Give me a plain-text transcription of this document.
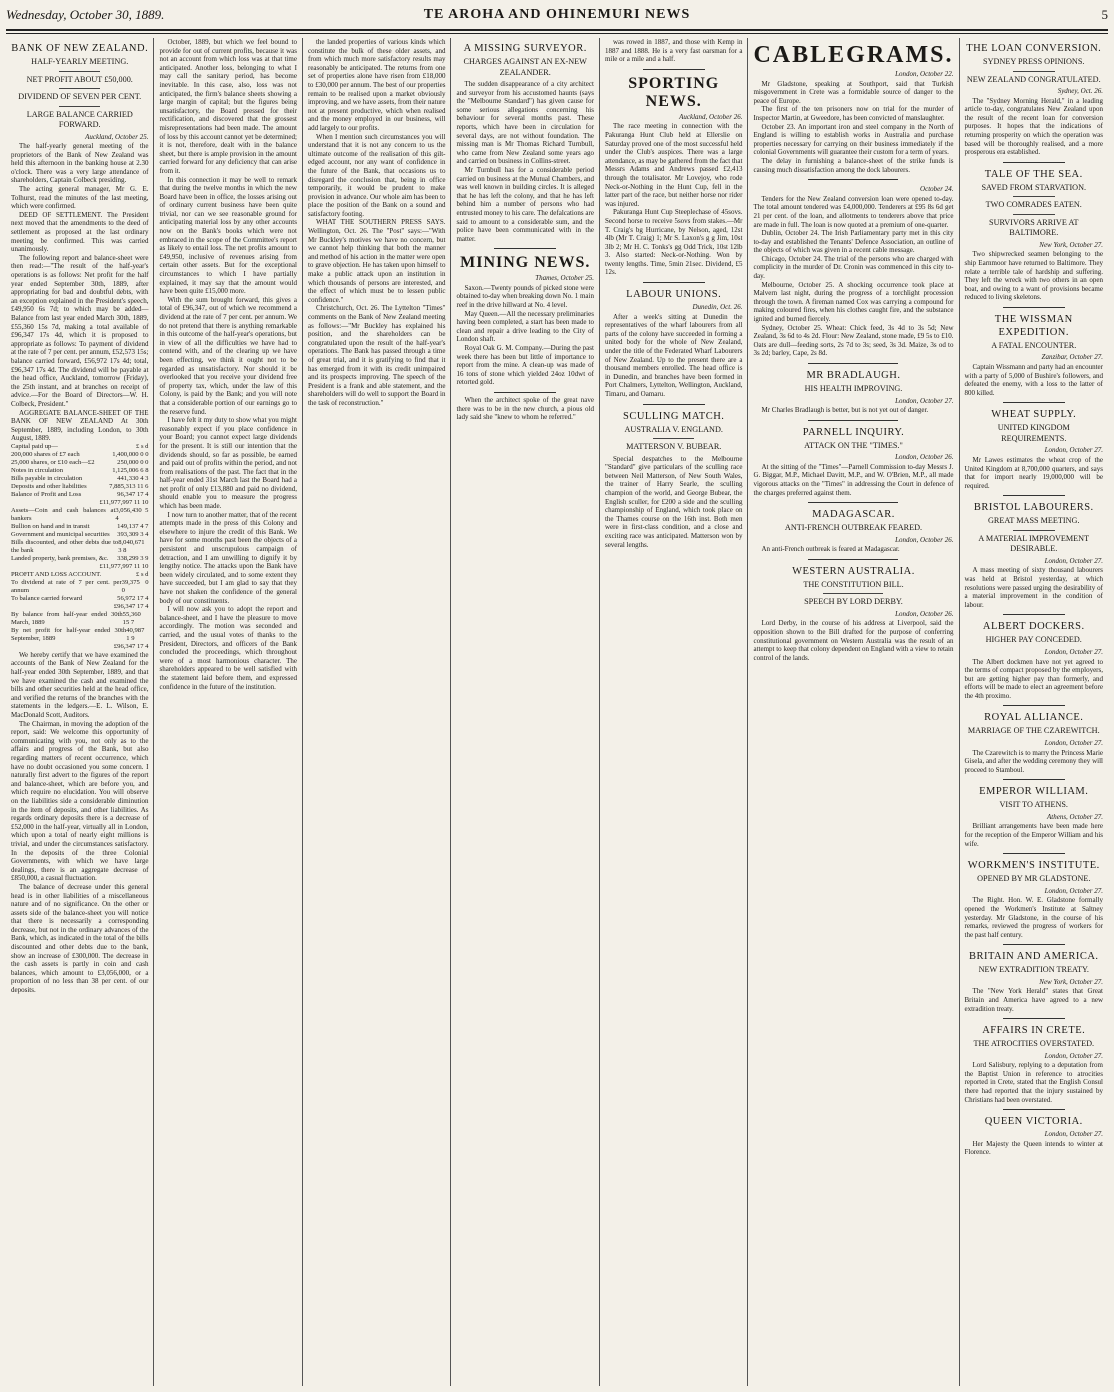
Wednesday, October 30, 1889.	TE AROHA AND OHINEMURI NEWS	5
BANK OF NEW ZEALAND.
HALF-YEARLY MEETING.
NET PROFIT ABOUT £50,000.
DIVIDEND OF SEVEN PER CENT.
LARGE BALANCE CARRIED FORWARD.
Auckland, October 25.

The half-yearly general meeting of the proprietors of the Bank of New Zealand was held this afternoon in the banking house at 2.30 o'clock. There was a very large attendance of shareholders, Captain Colbeck presiding.

The acting general manager, Mr G. E. Tolhurst, read the minutes of the last meeting, which were confirmed.

DEED OF SETTLEMENT. The President next moved that the amendments to the deed of settlement as proposed at the last ordinary meeting be confirmed. This was carried unanimously.

The following report and balance-sheet were then read:—"The result of the half-year's operations is as follows: Net profit for the half year ended September 30th, 1889, after appropriating for bad and doubtful debts, with an exception explained in the President's speech, £49,950 6s 7d; to which may be added—Balance from last year ended March 30th, 1889, £55,360 15s 7d, making a total available of £96,347 17s 4d, which it is proposed to appropriate as follows: To payment of dividend at the rate of 7 per cent. per annum, £52,573 15s; balance carried forward, £56,972 17s 4d; total, £96,347 17s 4d. The dividend will be payable at the head office, Auckland, tomorrow (Friday), the 25th instant, and at branches on receipt of advice.—For the Board of Directors—W. H. Colbeck, President."

AGGREGATE BALANCE-SHEET OF THE BANK OF NEW ZEALAND At 30th September, 1889, including London, to 30th August, 1889.

Capital paid up—	£ s d
200,000 shares of £7 each	1,400,000 0 0
25,000 shares, or £10 each—£2	250,000 0 0
Notes in circulation	1,125,006 6 8
Bills payable in circulation	441,330 4 3
Deposits and other liabilities	7,885,313 11 6
Balance of Profit and Loss	96,347 17 4
£11,977,997 11 10
Assets—Coin and cash balances at bankers
3,056,430 5 4
Bullion on hand and in transit	149,137 4 7
Government and municipal securities 393,309 3 4
Bills discounted, and other debts due to the bank
8,040,671 3 8
Landed property, bank premises, &c. 338,299 3 9
£11,977,997 11 10
PROFIT AND LOSS ACCOUNT.	£ s d
To dividend at rate of 7 per cent. per annum
39,375 0 0
To balance carried forward	56,972 17 4
£96,347 17 4
By balance from half-year ended 30th March, 1889
55,360 15 7
By net profit for half-year ended 30th September, 1889
40,987 1 9
£96,347 17 4

We hereby certify that we have examined the accounts of the Bank of New Zealand for the half-year ended 30th September, 1889, and that we have examined the cash and examined the bills and other securities held at the head office, and verified the returns of the branches with the statements in the ledgers.—E. L. Wilson, E. MacDonald Scott, Auditors.

The Chairman, in moving the adoption of the report, said: We welcome this opportunity of communicating with you, not only as to the affairs and progress of the Bank, but also regarding matters of recent occurrence, which have no doubt occasioned you some concern. I naturally first advert to the figures of the report and balance-sheet, which are before you, and which require no elucidation. You will observe on the liabilities side a considerable diminution in the item of deposits, and other liabilities. As regards ordinary deposits there is a decrease of £52,000 in the half-year, virtually all in London, which upon a total of nearly eight millions is trivial, and under the circumstances satisfactory. In the deposits of the three Colonial Governments, with which we have large dealings, there is an aggregate decrease of £850,000, a casual fluctuation.

The balance of decrease under this general head is in other liabilities of a miscellaneous nature and of no significance. On the other or assets side of the balance-sheet you will notice that there is necessarily a corresponding decrease, but not in the ordinary advances of the Bank, which, as indicated in the total of the bills discounted and other debts due to the bank, show an increase of £300,000. The decrease in the cash assets is partly in coin and cash balances, which amount to £3,056,000, or a proportion of no less than 38 per cent. of our deposits.

October, 1889, but which we feel bound to provide for out of current profits, because it was not an account from which loss was at that time anticipated. Another loss, belonging to what I may call the sanitary period, has become inevitable. In this case, also, loss was not anticipated, the firm's balance sheets showing a large margin of capital; but the figures being unsatisfactory, the Board pressed for their rectification, and discovered that the grossest misrepresentations had been made. The amount of loss by this account cannot yet be determined; it is not, therefore, dealt with in the balance sheet, but there is ample provision in the amount carried forward for any deficiency that can arise from it.

In this connection it may be well to remark that during the twelve months in which the new Board have been in office, the losses arising out of ordinary current business have been quite trivial, nor can we see reasonable ground for anticipating material loss by any other accounts now on the Bank's books which were not embraced in the scope of the Committee's report as likely to entail loss. The net profits amount to £49,950, inclusive of revenues arising from certain other assets. But for the exceptional circumstances to which I have partially explained, it may say that the amount would have been quite £15,000 more.

With the sum brought forward, this gives a total of £96,347, out of which we recommend a dividend at the rate of 7 per cent. per annum. We do not pretend that there is anything remarkable in this outcome of the half-year's operations, but in view of all the difficulties we have had to contend with, and of the clearing up we have been effecting, we think it ought not to be regarded as unsatisfactory. Nor should it be overlooked that you receive your dividend free of property tax, which, under the law of this Colony, is paid by the Bank; and you will note that a considerable portion of our earnings go to the reserve fund.

I have felt it my duty to show what you might reasonably expect if you place confidence in your Board; you cannot expect large dividends for the present. It is still our intention that the dividends should, so far as possible, be earned and paid out of profits within the period, and not from realisations of the past. The fact that in the half-year ended 31st March last the Board had a net profit of only £13,880 and paid no dividend, should enable you to measure the progress which has been made.

I now turn to another matter, that of the recent attempts made in the press of this Colony and elsewhere to injure the credit of this Bank. We have for some months past been the objects of a persistent and unscrupulous campaign of detraction, and I am unwilling to dignify it by lengthy notice. The attacks upon the Bank have been widely circulated, and to some extent they have succeeded, but I am glad to say that they have not shaken the confidence of the general body of our constituents.

I will now ask you to adopt the report and balance-sheet, and I have the pleasure to move accordingly. The motion was seconded and carried, and the usual votes of thanks to the President, Directors, and officers of the Bank concluded the proceedings, which throughout were of a most harmonious character. The shareholders appeared to be well satisfied with the statement laid before them, and expressed confidence in the future of the institution.

the landed properties of various kinds which constitute the bulk of these older assets, and from which much more satisfactory results may reasonably be anticipated. The returns from one set of properties alone have risen from £18,000 to £30,000 per annum. The best of our properties remain to be realised upon a market obviously improving, and we have assets, from their nature not at present productive, which when realised and the money employed in our business, will add largely to our profits.

When I mention such circumstances you will understand that it is not any concern to us the ultimate outcome of the realisation of this gilt-edged account, nor any want of confidence in the future of the Bank, that occasions us to disregard the conclusion that, being in office temporarily, it would be prudent to make provision in advance. Our whole aim has been to place the position of the Bank on a sound and satisfactory footing.

WHAT THE SOUTHERN PRESS SAYS. Wellington, Oct. 26. The "Post" says:—"With Mr Buckley's motives we have no concern, but we cannot help thinking that both the manner and method of his action in the matter were open to grave objection. He has taken upon himself to make a public attack upon an institution in which thousands of persons are interested, and the effect of which must be to lessen public confidence."

Christchurch, Oct. 26. The Lyttelton "Times" comments on the Bank of New Zealand meeting as follows:—"Mr Buckley has explained his position, and the shareholders can be congratulated upon the result of the half-year's operations. The Bank has passed through a time of great trial, and it is gratifying to find that it has emerged from it with its credit unimpaired and its prospects improving. The speech of the President is a frank and able statement, and the shareholders will do well to support the Board in the task of reconstruction."

A MISSING SURVEYOR.
CHARGES AGAINST AN EX-NEW ZEALANDER.

The sudden disappearance of a city architect and surveyor from his accustomed haunts (says the "Melbourne Standard") has given cause for some serious allegations concerning his behaviour for several months past. These reports, which have been in circulation for several days, are not without foundation. The missing man is Mr Thomas Richard Turnbull, who came from New Zealand some years ago and carried on business in Collins-street.

Mr Turnbull has for a considerable period carried on business at the Mutual Chambers, and was well known in building circles. It is alleged that he has left the colony, and that he has left behind him a number of persons who had entrusted money to his care. The defalcations are said to amount to a considerable sum, and the police have been communicated with in the matter.

MINING NEWS.
Thames, October 25.

Saxon.—Twenty pounds of picked stone were obtained to-day when breaking down No. 1 main reef in the drive hillward at No. 4 level.

May Queen.—All the necessary preliminaries having been completed, a start has been made to clean and repair a drive leading to the City of London shaft.

Royal Oak G. M. Company.—During the past week there has been but little of importance to report from the mine. A clean-up was made of 16 tons of stone which yielded 24oz 10dwt of retorted gold.

When the architect spoke of the great nave there was to be in the new church, a pious old lady said she "knew to whom he referred."

was rowed in 1887, and those with Kemp in 1887 and 1888. He is a very fast oarsman for a mile or a mile and a half.

SPORTING NEWS.
Auckland, October 26.

The race meeting in connection with the Pakuranga Hunt Club held at Ellerslie on Saturday proved one of the most successful held under the Club's auspices. There was a large attendance, as may be gathered from the fact that Messrs Adams and Andrews passed £2,413 through the totalisator. Mr Lovejoy, who rode Neck-or-Nothing in the Hunt Cup, fell in the latter part of the race, but neither horse nor rider was injured.

Pakuranga Hunt Cup Steeplechase of 45sovs. Second horse to receive 5sovs from stakes.—Mr T. Craig's bg Hurricane, by Nelson, aged, 12st 4lb (Mr T. Craig) 1; Mr S. Laxon's g g Jim, 10st 3lb 2; Mr H. C. Tonks's gg Odd Trick, 10st 12lb 3. Also started: Neck-or-Nothing. Won by twenty lengths. Time, 5min 21sec. Dividend, £5 12s.

LABOUR UNIONS.
Dunedin, Oct. 26.

After a week's sitting at Dunedin the representatives of the wharf labourers from all parts of the colony have succeeded in forming a united body for the whole of New Zealand, under the title of the Federated Wharf Labourers of New Zealand. Up to the present there are a thousand members enrolled. The head office is in Dunedin, and branches have been formed in Port Chalmers, Lyttelton, Wellington, Auckland, Timaru, and Oamaru.

SCULLING MATCH.
AUSTRALIA V. ENGLAND.
MATTERSON V. BUBEAR.

Special despatches to the Melbourne "Standard" give particulars of the sculling race between Neil Matterson, of New South Wales, the trainer of Harry Searle, the sculling champion of the world, and George Bubear, the English sculler, for £200 a side and the sculling championship of England, which took place on the Thames course on the 16th inst. Both men were in first-class condition, and a close and exciting race was anticipated. Matterson won by several lengths.

CABLEGRAMS.
London, October 22.

Mr Gladstone, speaking at Southport, said that Turkish misgovernment in Crete was a formidable source of danger to the peace of Europe.

The first of the ten prisoners now on trial for the murder of Inspector Martin, at Gweedore, has been convicted of manslaughter.

October 23. An important iron and steel company in the North of England is willing to establish works in Australia and purchase properties necessary for carrying on their business immediately if the colonial Governments will guarantee their custom for a term of years.

The delay in furnishing a balance-sheet of the strike funds is causing much dissatisfaction among the dock labourers.

October 24.

Tenders for the New Zealand conversion loan were opened to-day. The total amount tendered was £4,000,000. Tenderers at £95 8s 6d get 21 per cent. of the loan, and allotments to tenderers above that price are made in full. The loan is now quoted at a premium of one-quarter.

Dublin, October 24. The Irish Parliamentary party met in this city to-day and established the Tenants' Defence Association, an outline of the objects of which was given in a recent cable message.

Chicago, October 24. The trial of the persons who are charged with complicity in the murder of Dr. Cronin was commenced in this city to-day.

Melbourne, October 25. A shocking occurrence took place at Malvern last night, during the progress of a torchlight procession through the town. A fireman named Cox was carrying a compound for making coloured fires, when his clothes caught fire, and the substance ignited and burned fiercely.

Sydney, October 25. Wheat: Chick feed, 3s 4d to 3s 5d; New Zealand, 3s 6d to 4s 2d. Flour: New Zealand, stone made, £9 5s to £10. Oats are dull—feeding sorts, 2s 7d to 3s; seed, 3s 3d. Maize, 3s od to 3s 2d; barley, Cape, 2s 8d.

MR BRADLAUGH.
HIS HEALTH IMPROVING.
London, October 27.

Mr Charles Bradlaugh is better, but is not yet out of danger.

PARNELL INQUIRY.
ATTACK ON THE "TIMES."
London, October 26.

At the sitting of the "Times"—Parnell Commission to-day Messrs J. G. Biggar, M.P., Michael Davitt, M.P., and W. O'Brien, M.P., all made vigorous attacks on the "Times" in addressing the Court in defence of the charges preferred against them.

MADAGASCAR.
ANTI-FRENCH OUTBREAK FEARED.
London, October 26.

An anti-French outbreak is feared at Madagascar.

WESTERN AUSTRALIA.
THE CONSTITUTION BILL.
SPEECH BY LORD DERBY.
London, October 26.

Lord Derby, in the course of his address at Liverpool, said the opposition shown to the Bill drafted for the purpose of conferring constitutional government on Western Australia was the result of an attempt to keep that colony dependent on England with a view to retain control of the lands.

THE LOAN CONVERSION.
SYDNEY PRESS OPINIONS.
NEW ZEALAND CONGRATULATED.
Sydney, Oct. 26.

The "Sydney Morning Herald," in a leading article to-day, congratulates New Zealand upon the result of the recent loan for conversion purposes. It hopes that the indications of returning prosperity on which the operation was based will be thoroughly realised, and a more prosperous era established.

TALE OF THE SEA.
SAVED FROM STARVATION.
TWO COMRADES EATEN.
SURVIVORS ARRIVE AT BALTIMORE.
New York, October 27.

Two shipwrecked seamen belonging to the ship Earnmoor have returned to Baltimore. They relate a terrible tale of hardship and suffering. They left the wreck with two others in an open boat, and owing to a want of provisions became reduced to living skeletons.

THE WISSMAN EXPEDITION.
A FATAL ENCOUNTER.
Zanzibar, October 27.

Captain Wissmann and party had an encounter with a party of 5,000 of Bushire's followers, and defeated the enemy, with a loss to the latter of 800 killed.

WHEAT SUPPLY.
UNITED KINGDOM REQUIREMENTS.
London, October 27.

Mr Lawes estimates the wheat crop of the United Kingdom at 8,700,000 quarters, and says that for import nearly 19,000,000 will be required.

BRISTOL LABOURERS.
GREAT MASS MEETING.
A MATERIAL IMPROVEMENT DESIRABLE.
London, October 27.

A mass meeting of sixty thousand labourers was held at Bristol yesterday, at which resolutions were passed urging the desirability of a material improvement in the condition of labour.

ALBERT DOCKERS.
HIGHER PAY CONCEDED.
London, October 27.

The Albert dockmen have not yet agreed to the terms of compact proposed by the employers, but are getting higher pay than formerly, and efforts will be made to elect an agreement before the 4th proximo.

ROYAL ALLIANCE.
MARRIAGE OF THE CZAREWITCH.
London, October 27.

The Czarewitch is to marry the Princess Marie Gisela, and after the wedding ceremony they will proceed to Stamboul.

EMPEROR WILLIAM.
VISIT TO ATHENS.
Athens, October 27.

Brilliant arrangements have been made here for the reception of the Emperor William and his wife.

WORKMEN'S INSTITUTE.
OPENED BY MR GLADSTONE.
London, October 27.

The Right. Hon. W. E. Gladstone formally opened the Workmen's Institute at Saltney yesterday. Mr Gladstone, in the course of his remarks, reviewed the progress of workers for the past half century.

BRITAIN AND AMERICA.
NEW EXTRADITION TREATY.
New York, October 27.

The "New York Herald" states that Great Britain and America have agreed to a new extradition treaty.

AFFAIRS IN CRETE.
THE ATROCITIES OVERSTATED.
London, October 27.

Lord Salisbury, replying to a deputation from the Baptist Union in reference to atrocities reported in Crete, stated that the English Consul there had reported that the injury sustained by Christians had been overstated.

QUEEN VICTORIA.
London, October 27.

Her Majesty the Queen intends to winter at Florence.
